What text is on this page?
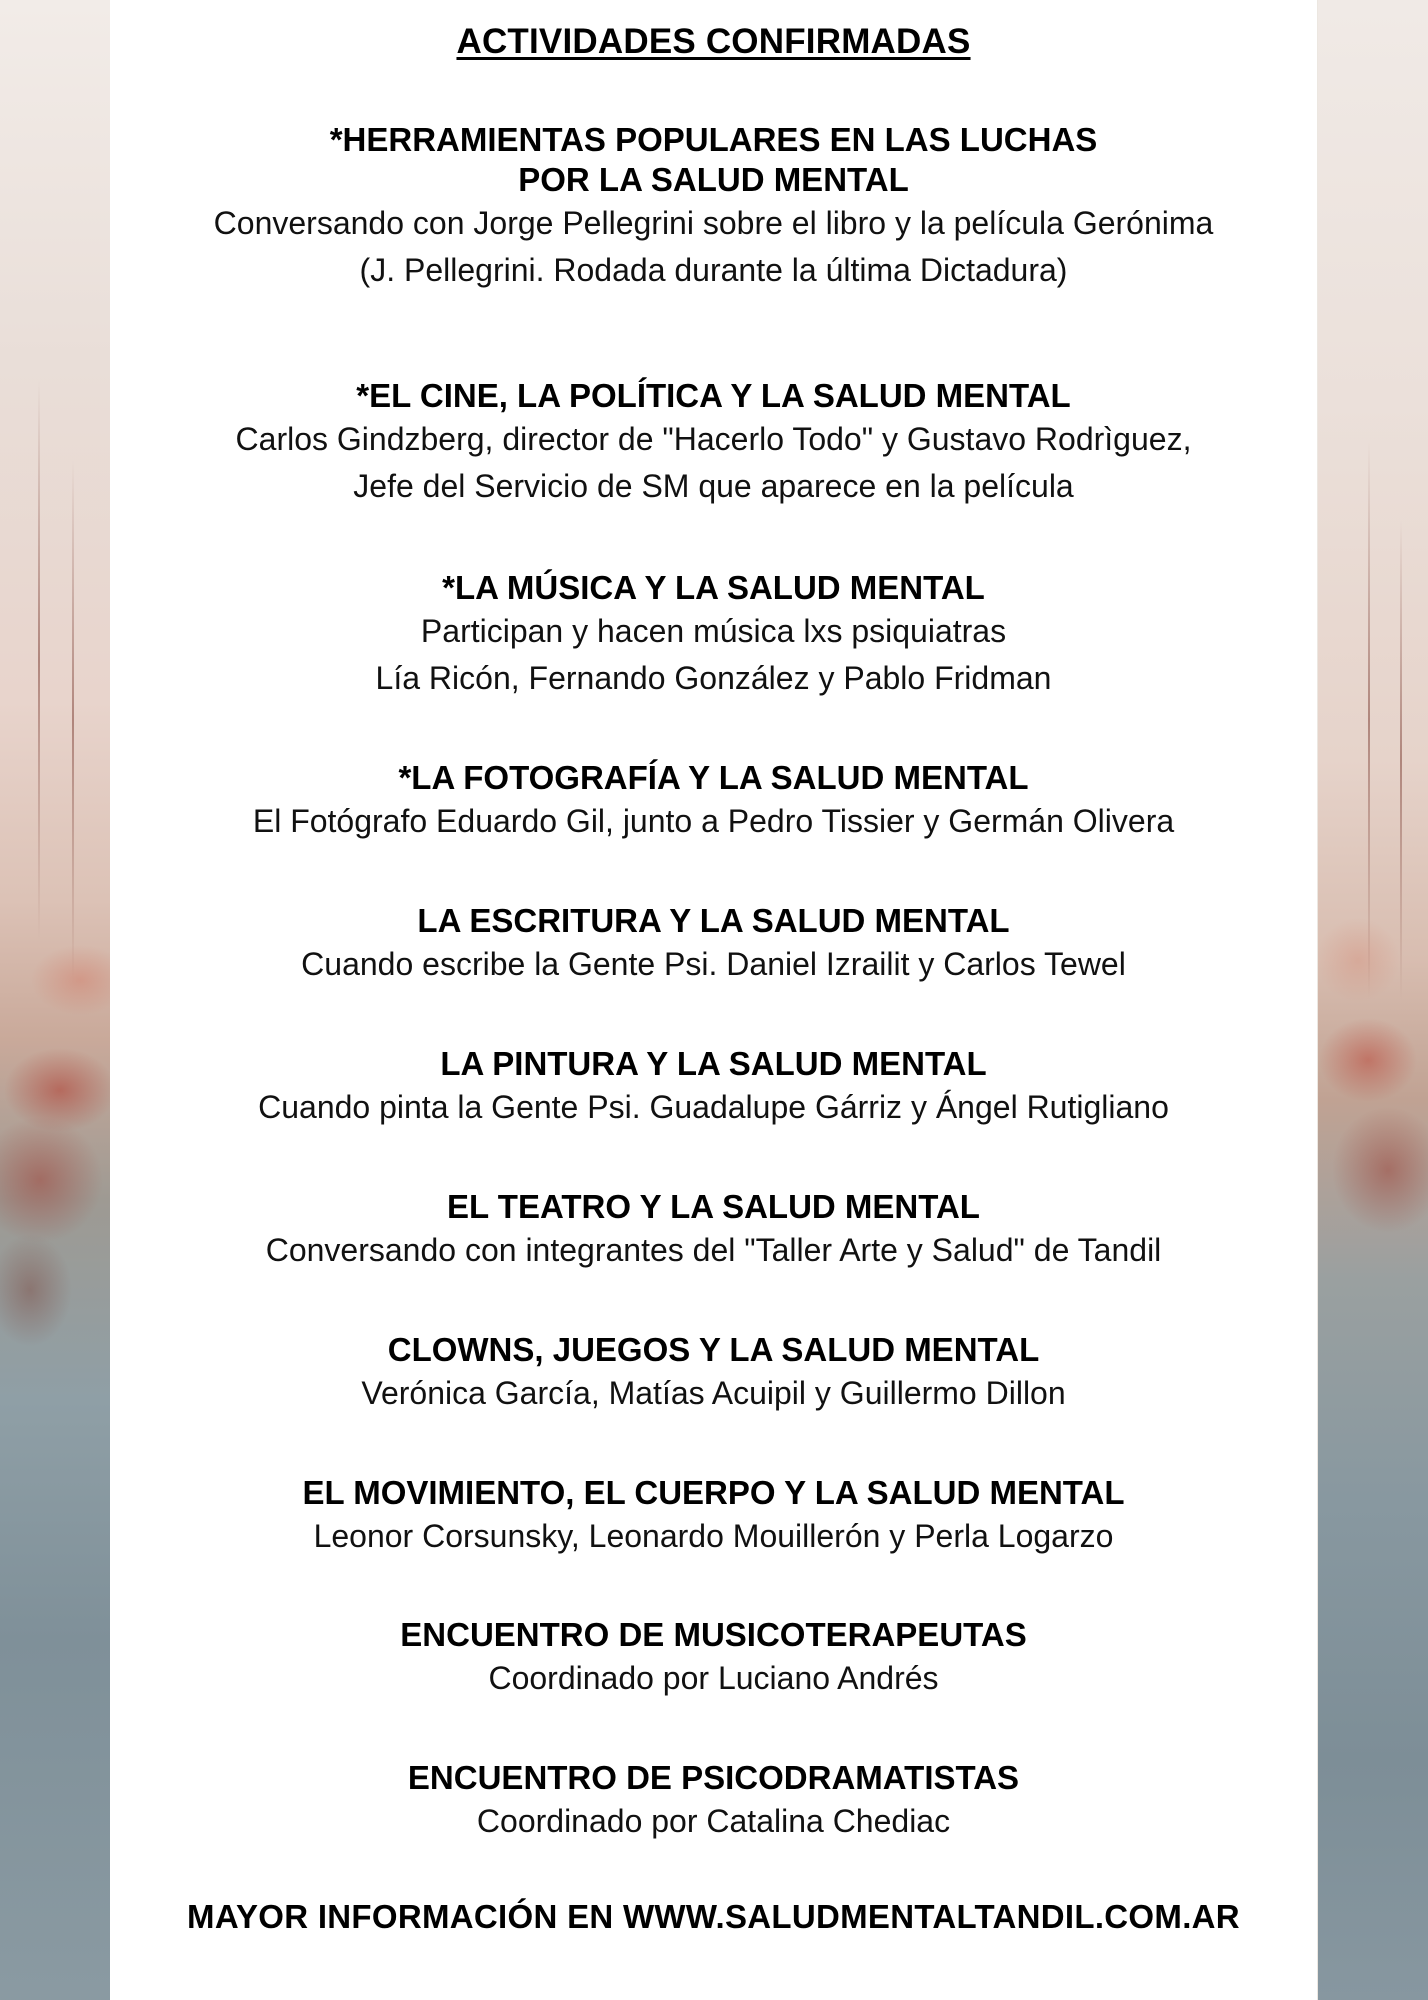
ACTIVIDADES CONFIRMADAS
*HERRAMIENTAS POPULARES EN LAS LUCHAS
POR LA SALUD MENTAL
Conversando con Jorge Pellegrini sobre el libro y la película Gerónima
(J. Pellegrini. Rodada durante la última Dictadura)
*EL CINE, LA POLÍTICA Y LA SALUD MENTAL
Carlos Gindzberg, director de "Hacerlo Todo" y Gustavo Rodrìguez,
Jefe del Servicio de SM que aparece en la película
*LA MÚSICA Y LA SALUD MENTAL
Participan y hacen música lxs psiquiatras
Lía Ricón, Fernando González y Pablo Fridman
*LA FOTOGRAFÍA Y LA SALUD MENTAL
El Fotógrafo Eduardo Gil, junto a Pedro Tissier y Germán Olivera
LA ESCRITURA Y LA SALUD MENTAL
Cuando escribe la Gente Psi. Daniel Izrailit y Carlos Tewel
LA PINTURA Y LA SALUD MENTAL
Cuando pinta la Gente Psi. Guadalupe Gárriz y Ángel Rutigliano
EL TEATRO Y LA SALUD MENTAL
Conversando con integrantes del "Taller Arte y Salud" de Tandil
CLOWNS, JUEGOS Y LA SALUD MENTAL
Verónica García, Matías Acuipil y Guillermo Dillon
EL MOVIMIENTO, EL CUERPO Y LA SALUD MENTAL
Leonor Corsunsky, Leonardo Mouillerón y Perla Logarzo
ENCUENTRO DE MUSICOTERAPEUTAS
Coordinado por Luciano Andrés
ENCUENTRO DE PSICODRAMATISTAS
Coordinado por Catalina Chediac
MAYOR INFORMACIÓN EN WWW.SALUDMENTALTANDIL.COM.AR
